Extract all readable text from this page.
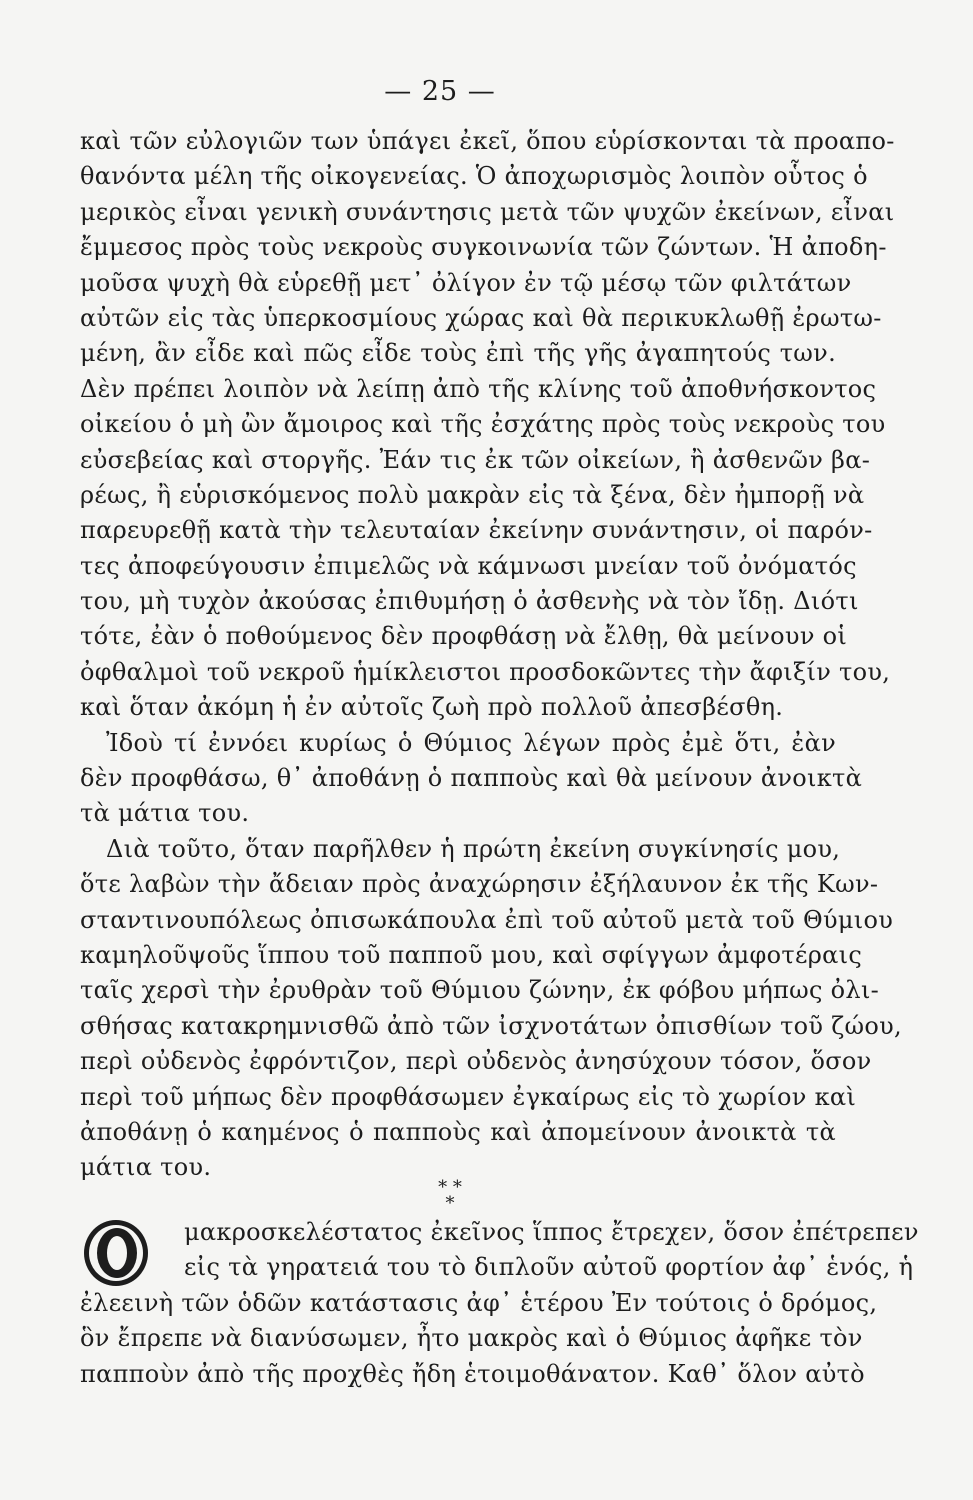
— 25 —
καὶ τῶν εὐλογιῶν των ὑπάγει ἐκεῖ, ὅπου εὑρίσκονται τὰ προαπο-
θανόντα μέλη τῆς οἰκογενείας. Ὁ ἀποχωρισμὸς λοιπὸν οὗτος ὁ
μερικὸς εἶναι γενικὴ συνάντησις μετὰ τῶν ψυχῶν ἐκείνων, εἶναι
ἔμμεσος πρὸς τοὺς νεκροὺς συγκοινωνία τῶν ζώντων. Ἡ ἀποδη-
μοῦσα ψυχὴ θὰ εὑρεθῇ μετ᾽ ὀλίγον ἐν τῷ μέσῳ τῶν φιλτάτων
αὐτῶν εἰς τὰς ὑπερκοσμίους χώρας καὶ θὰ περικυκλωθῇ ἐρωτω-
μένη, ἂν εἶδε καὶ πῶς εἶδε τοὺς ἐπὶ τῆς γῆς ἀγαπητούς των.
Δὲν πρέπει λοιπὸν νὰ λείπῃ ἀπὸ τῆς κλίνης τοῦ ἀποθνήσκοντος
οἰκείου ὁ μὴ ὢν ἄμοιρος καὶ τῆς ἐσχάτης πρὸς τοὺς νεκροὺς του
εὐσεβείας καὶ στοργῆς. Ἐάν τις ἐκ τῶν οἰκείων, ἢ ἀσθενῶν βα-
ρέως, ἢ εὑρισκόμενος πολὺ μακρὰν εἰς τὰ ξένα, δὲν ἠμπορῇ νὰ
παρευρεθῇ κατὰ τὴν τελευταίαν ἐκείνην συνάντησιν, οἱ παρόν-
τες ἀποφεύγουσιν ἐπιμελῶς νὰ κάμνωσι μνείαν τοῦ ὀνόματός
του, μὴ τυχὸν ἀκούσας ἐπιθυμήσῃ ὁ ἀσθενὴς νὰ τὸν ἴδῃ. Διότι
τότε, ἐὰν ὁ ποθούμενος δὲν προφθάσῃ νὰ ἔλθῃ, θὰ μείνουν οἱ
ὀφθαλμοὶ τοῦ νεκροῦ ἡμίκλειστοι προσδοκῶντες τὴν ἄφιξίν του,
καὶ ὅταν ἀκόμη ἡ ἐν αὐτοῖς ζωὴ πρὸ πολλοῦ ἀπεσβέσθη.
Ἰδοὺ τί ἐννόει κυρίως ὁ Θύμιος λέγων πρὸς ἐμὲ ὅτι, ἐὰν
δὲν προφθάσω, θ᾽ ἀποθάνῃ ὁ παπποὺς καὶ θὰ μείνουν ἀνοικτὰ
τὰ μάτια του.
Διὰ τοῦτο, ὅταν παρῆλθεν ἡ πρώτη ἐκείνη συγκίνησίς μου,
ὅτε λαβὼν τὴν ἄδειαν πρὸς ἀναχώρησιν ἐξήλαυνον ἐκ τῆς Κων-
σταντινουπόλεως ὀπισωκάπουλα ἐπὶ τοῦ αὐτοῦ μετὰ τοῦ Θύμιου
καμηλοῦψοῦς ἵππου τοῦ παπποῦ μου, καὶ σφίγγων ἀμφοτέραις
ταῖς χερσὶ τὴν ἐρυθρὰν τοῦ Θύμιου ζώνην, ἐκ φόβου μήπως ὀλι-
σθήσας κατακρημνισθῶ ἀπὸ τῶν ἰσχνοτάτων ὀπισθίων τοῦ ζώου,
περὶ οὐδενὸς ἐφρόντιζον, περὶ οὐδενὸς ἀνησύχουν τόσον, ὅσον
περὶ τοῦ μήπως δὲν προφθάσωμεν ἐγκαίρως εἰς τὸ χωρίον καὶ
ἀποθάνῃ ὁ καημένος ὁ παπποὺς καὶ ἀπομείνουν ἀνοικτὰ τὰ
μάτια του.
* *
*
μακροσκελέστατος ἐκεῖνος ἵππος ἔτρεχεν, ὅσον ἐπέτρεπεν
εἰς τὰ γηρατειά του τὸ διπλοῦν αὐτοῦ φορτίον ἀφ᾽ ἑνός, ἡ
ἐλεεινὴ τῶν ὁδῶν κατάστασις ἀφ᾽ ἑτέρου Ἐν τούτοις ὁ δρόμος,
ὃν ἔπρεπε νὰ διανύσωμεν, ἦτο μακρὸς καὶ ὁ Θύμιος ἀφῆκε τὸν
παπποὺν ἀπὸ τῆς προχθὲς ἤδη ἑτοιμοθάνατον. Καθ᾽ ὅλον αὐτὸ
